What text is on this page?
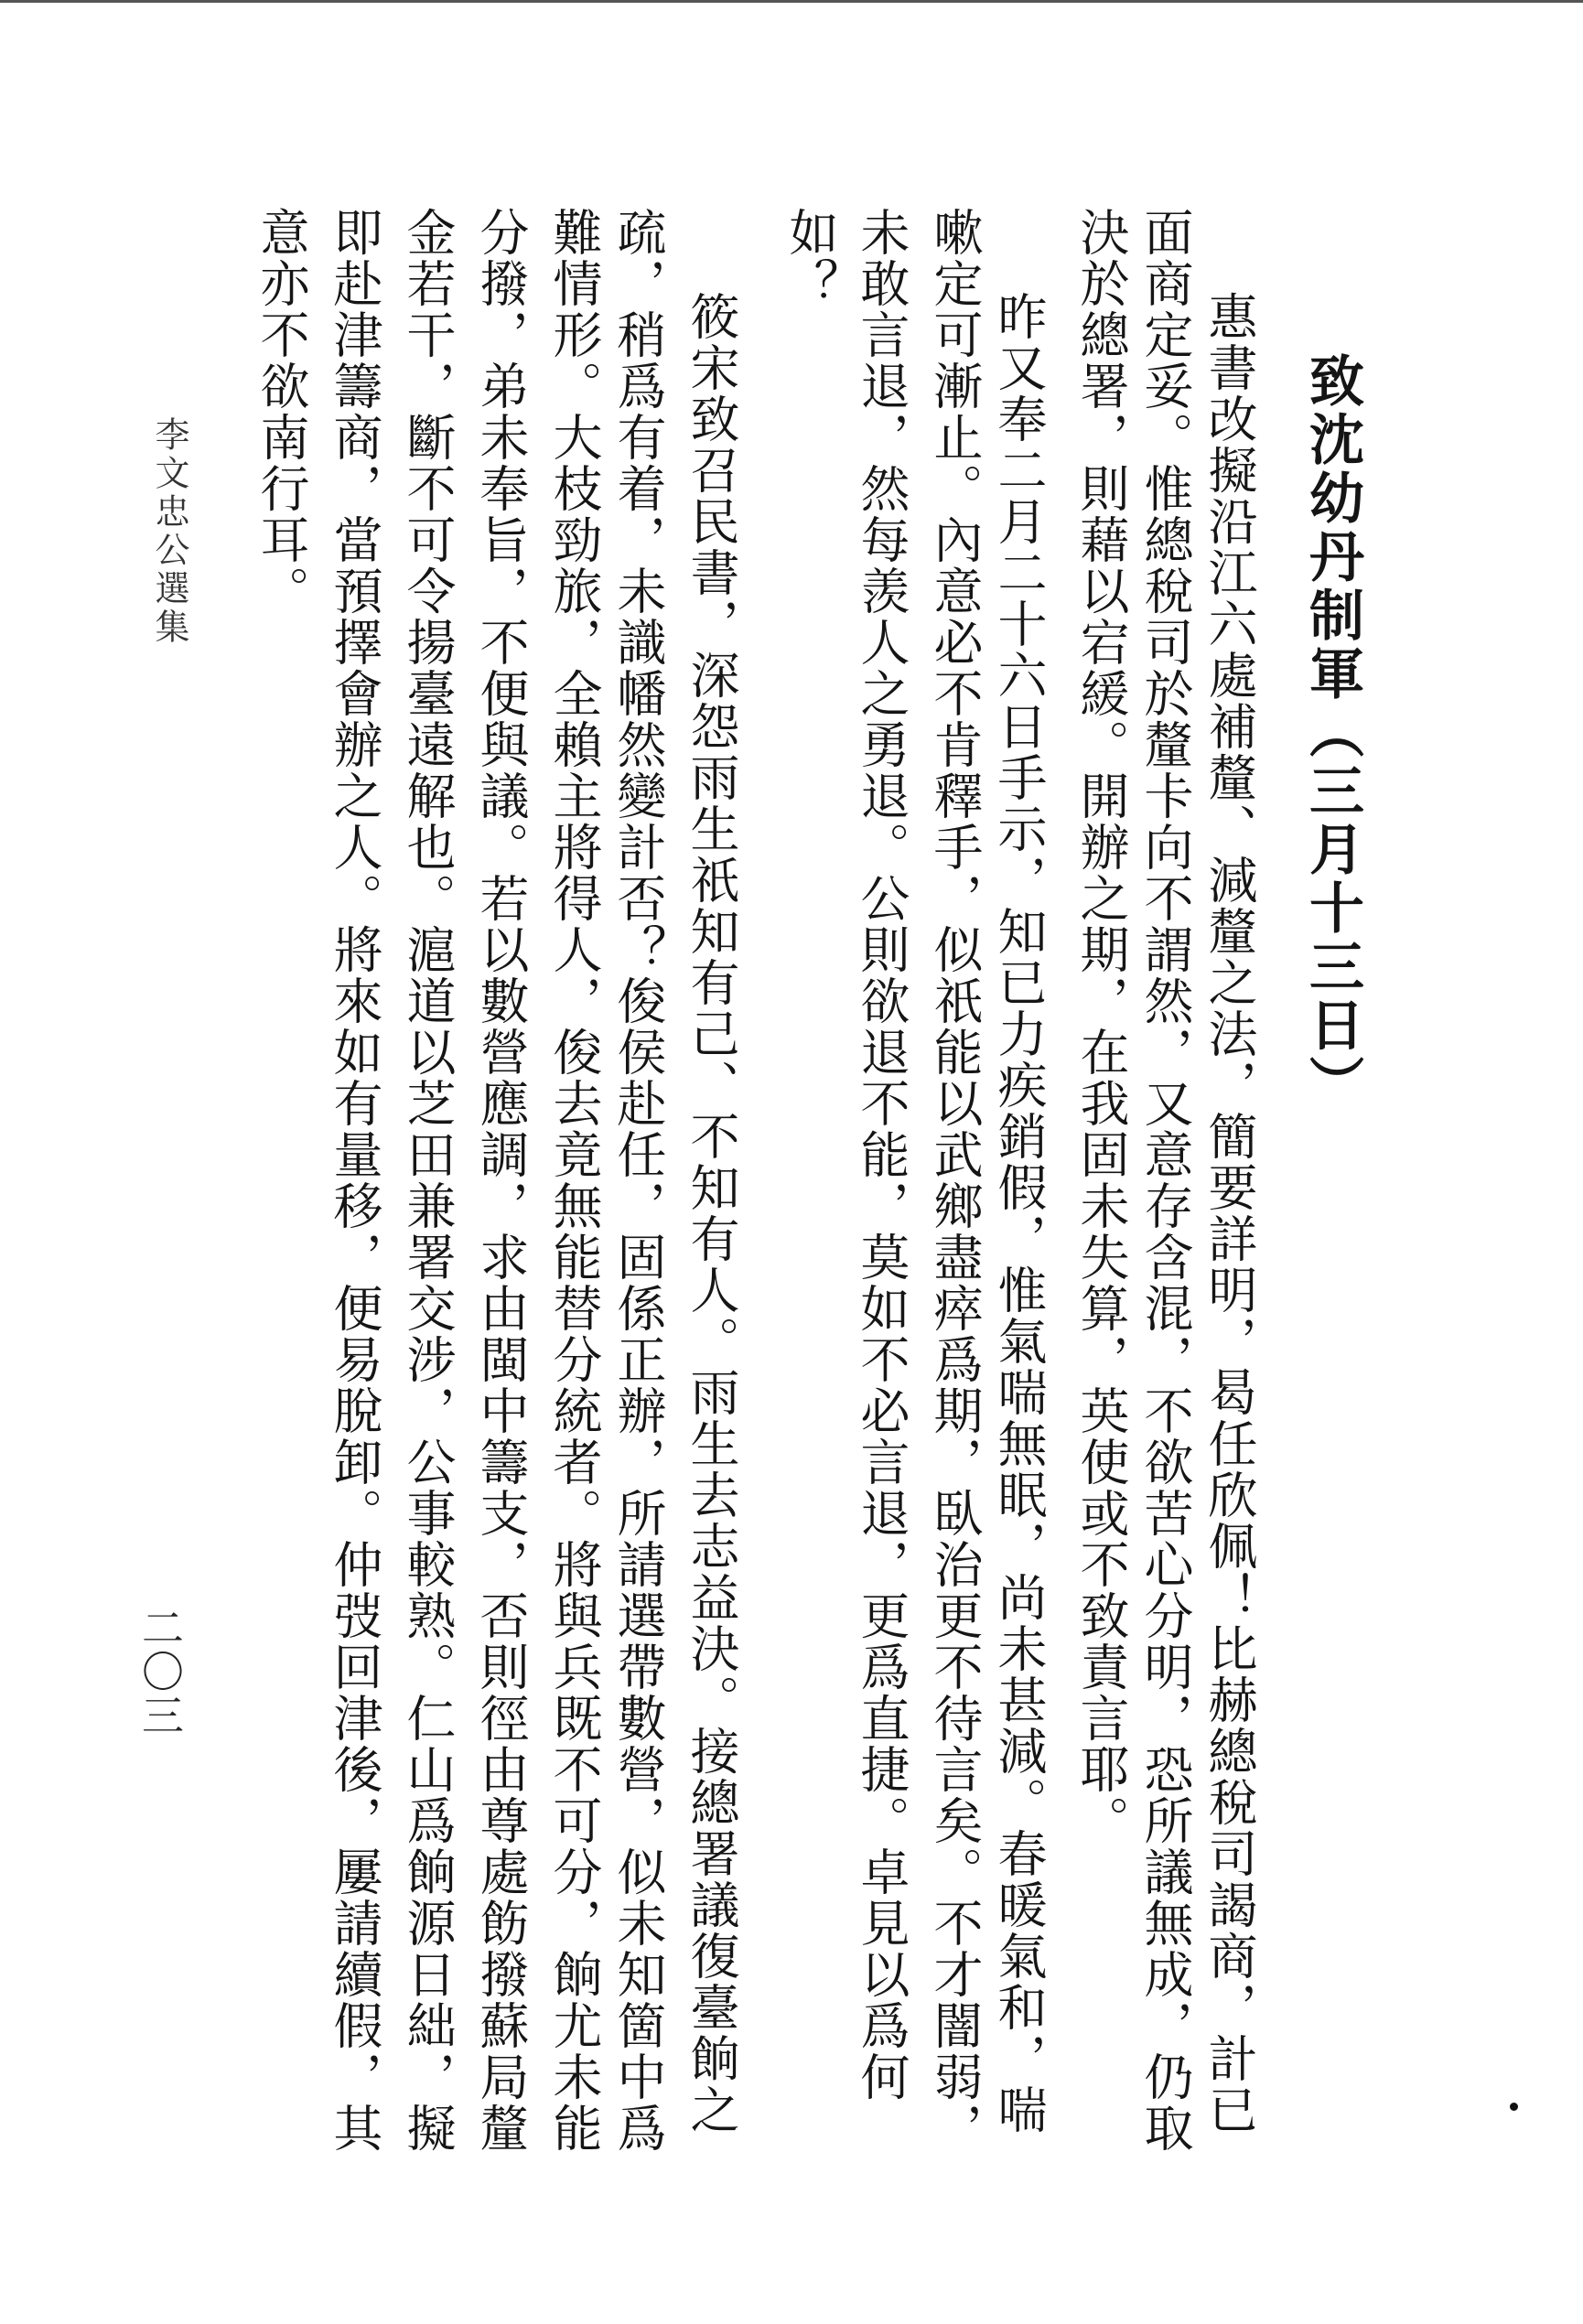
致沈幼丹制軍（三月十三日）
惠書改擬沿江六處補釐、減釐之法，簡要詳明，曷任欣佩！比赫總稅司謁商，計已
面商定妥。惟總稅司於釐卡向不謂然，又意存含混，不欲苦心分明，恐所議無成，仍取
決於總署，則藉以宕緩。開辦之期，在我固未失算，英使或不致責言耶。
昨又奉二月二十六日手示，知已力疾銷假，惟氣喘無眠，尚未甚減。春暖氣和，喘
嗽定可漸止。內意必不肯釋手，似祇能以武鄉盡瘁爲期，臥治更不待言矣。不才闇弱，
未敢言退，然每羡人之勇退。公則欲退不能，莫如不必言退，更爲直捷。卓見以爲何
如？
筱宋致召民書，深怨雨生祇知有己、不知有人。雨生去志益決。接總署議復臺餉之
疏，稍爲有着，未識幡然變計否？俊侯赴任，固係正辦，所請選帶數營，似未知箇中爲
難情形。大枝勁旅，全賴主將得人，俊去竟無能替分統者。將與兵既不可分，餉尤未能
分撥，弟未奉旨，不便與議。若以數營應調，求由閩中籌支，否則徑由尊處飭撥蘇局釐
金若干，斷不可令揚臺遠解也。滬道以芝田兼署交涉，公事較熟。仁山爲餉源日絀，擬
即赴津籌商，當預擇會辦之人。將來如有量移，便易脫卸。仲弢回津後，屢請續假，其
意亦不欲南行耳。
李文忠公選集
二〇三
